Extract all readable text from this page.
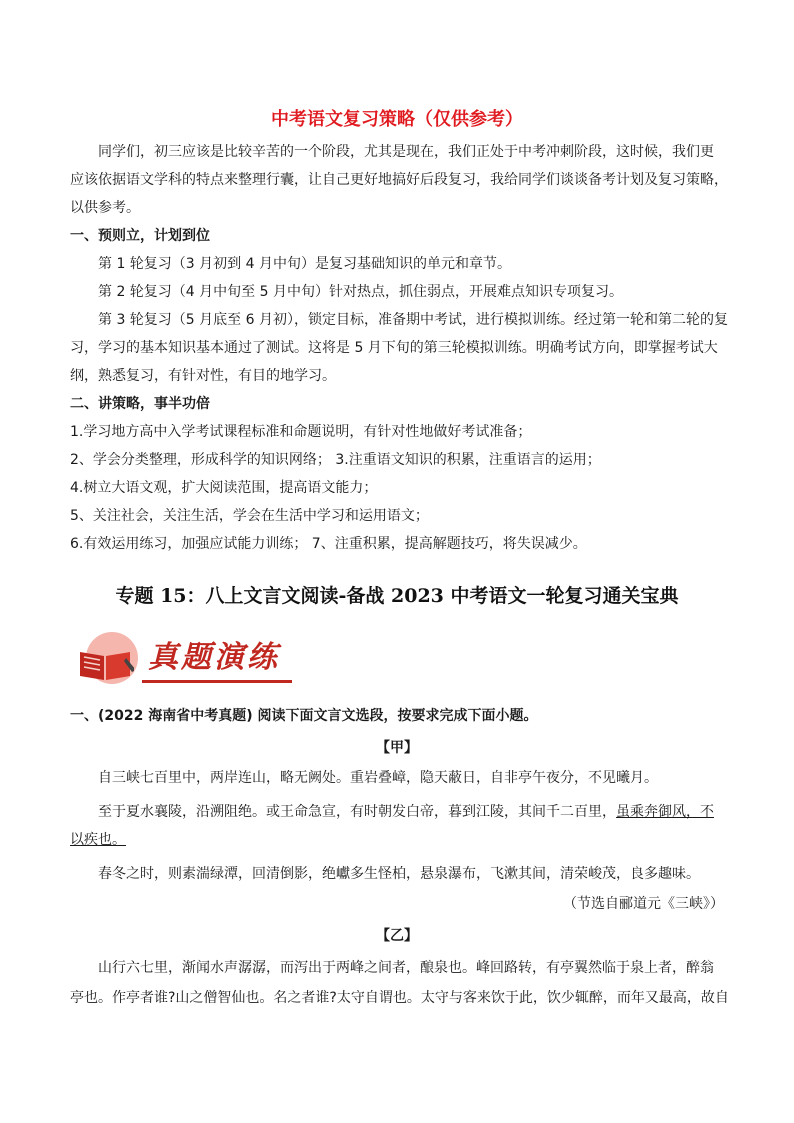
中考语文复习策略（仅供参考）
同学们，初三应该是比较辛苦的一个阶段，尤其是现在，我们正处于中考冲刺阶段，这时候，我们更
应该依据语文学科的特点来整理行囊，让自己更好地搞好后段复习，我给同学们谈谈备考计划及复习策略，
以供参考。
一、预则立，计划到位
第 1 轮复习（3 月初到 4 月中旬）是复习基础知识的单元和章节。
第 2 轮复习（4 月中旬至 5 月中旬）针对热点，抓住弱点，开展难点知识专项复习。
第 3 轮复习（5 月底至 6 月初），锁定目标，准备期中考试，进行模拟训练。经过第一轮和第二轮的复
习，学习的基本知识基本通过了测试。这将是 5 月下旬的第三轮模拟训练。明确考试方向，即掌握考试大
纲，熟悉复习，有针对性，有目的地学习。
二、讲策略，事半功倍
1.学习地方高中入学考试课程标准和命题说明，有针对性地做好考试准备；
2、学会分类整理，形成科学的知识网络； 3.注重语文知识的积累，注重语言的运用；
4.树立大语文观，扩大阅读范围，提高语文能力；
5、关注社会，关注生活，学会在生活中学习和运用语文；
6.有效运用练习，加强应试能力训练； 7、注重积累，提高解题技巧，将失误减少。
专题 15：八上文言文阅读-备战 2023 中考语文一轮复习通关宝典
真题演练
一、(2022 海南省中考真题) 阅读下面文言文选段，按要求完成下面小题。
【甲】
自三峡七百里中，两岸连山，略无阙处。重岩叠嶂，隐天蔽日，自非亭午夜分，不见曦月。
至于夏水襄陵，沿溯阻绝。或王命急宣，有时朝发白帝，暮到江陵，其间千二百里，虽乘奔御风，不
以疾也。
春冬之时，则素湍绿潭，回清倒影，绝巘多生怪柏，悬泉瀑布，飞漱其间，清荣峻茂，良多趣味。
（节选自郦道元《三峡》）
【乙】
山行六七里，渐闻水声潺潺，而泻出于两峰之间者，酿泉也。峰回路转，有亭翼然临于泉上者，醉翁
亭也。作亭者谁?山之僧智仙也。名之者谁?太守自谓也。太守与客来饮于此，饮少辄醉，而年又最高，故自
